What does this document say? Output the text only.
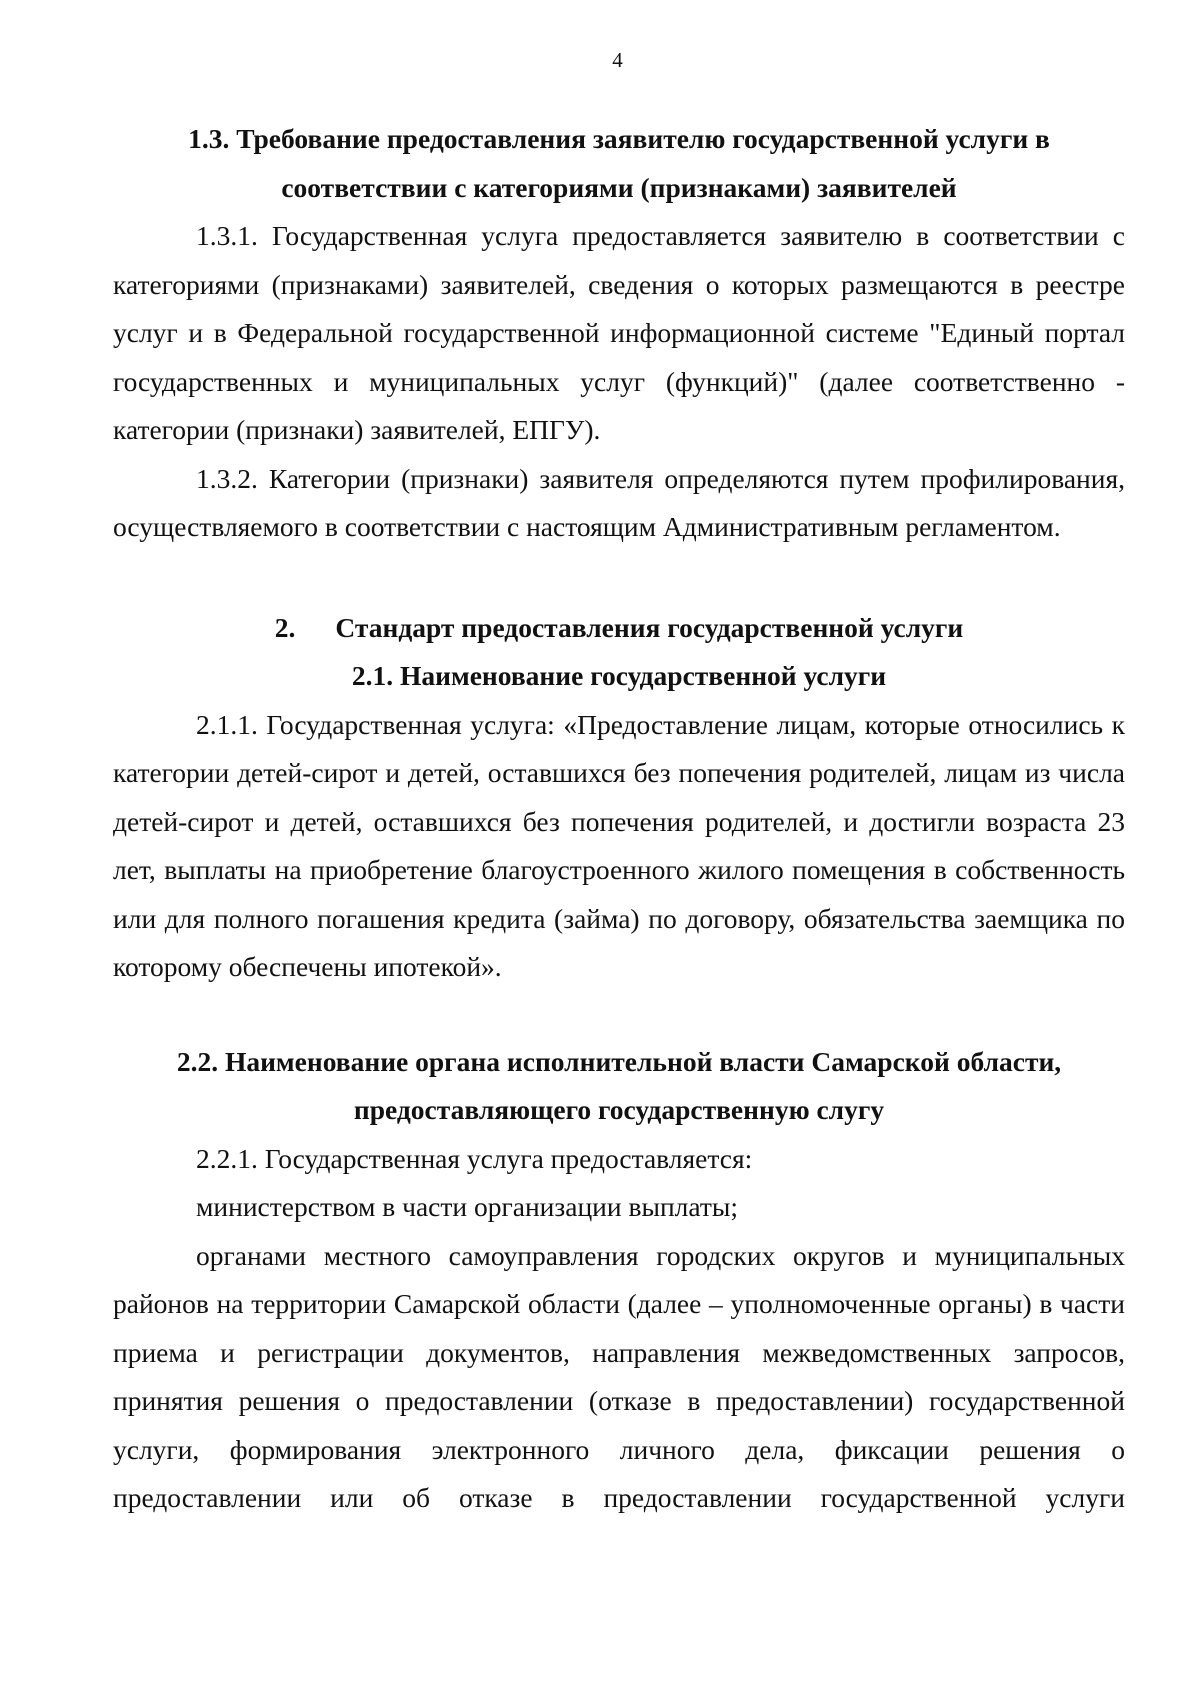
4

1.3. Требование предоставления заявителю государственной услуги в

соответствии с категориями (признаками) заявителей

1.3.1. Государственная услуга предоставляется заявителю в соответствии с категориями (признаками) заявителей, сведения о которых размещаются в реестре услуг и в Федеральной государственной информационной системе "Единый портал государственных и муниципальных услуг (функций)" (далее соответственно - категории (признаки) заявителей, ЕПГУ).

1.3.2. Категории (признаки) заявителя определяются путем профилирования, осуществляемого в соответствии с настоящим Административным регламентом.

2. Стандарт предоставления государственной услуги

2.1. Наименование государственной услуги

2.1.1. Государственная услуга: «Предоставление лицам, которые относились к категории детей-сирот и детей, оставшихся без попечения родителей, лицам из числа детей-сирот и детей, оставшихся без попечения родителей, и достигли возраста 23 лет, выплаты на приобретение благоустроенного жилого помещения в собственность или для полного погашения кредита (займа) по договору, обязательства заемщика по которому обеспечены ипотекой».

2.2. Наименование органа исполнительной власти Самарской области,

предоставляющего государственную слугу

2.2.1. Государственная услуга предоставляется:

министерством в части организации выплаты;

органами местного самоуправления городских округов и муниципальных районов на территории Самарской области (далее – уполномоченные органы) в части приема и регистрации документов, направления межведомственных запросов, принятия решения о предоставлении (отказе в предоставлении) государственной услуги, формирования электронного личного дела, фиксации решения о предоставлении или об отказе в предоставлении государственной услуги
